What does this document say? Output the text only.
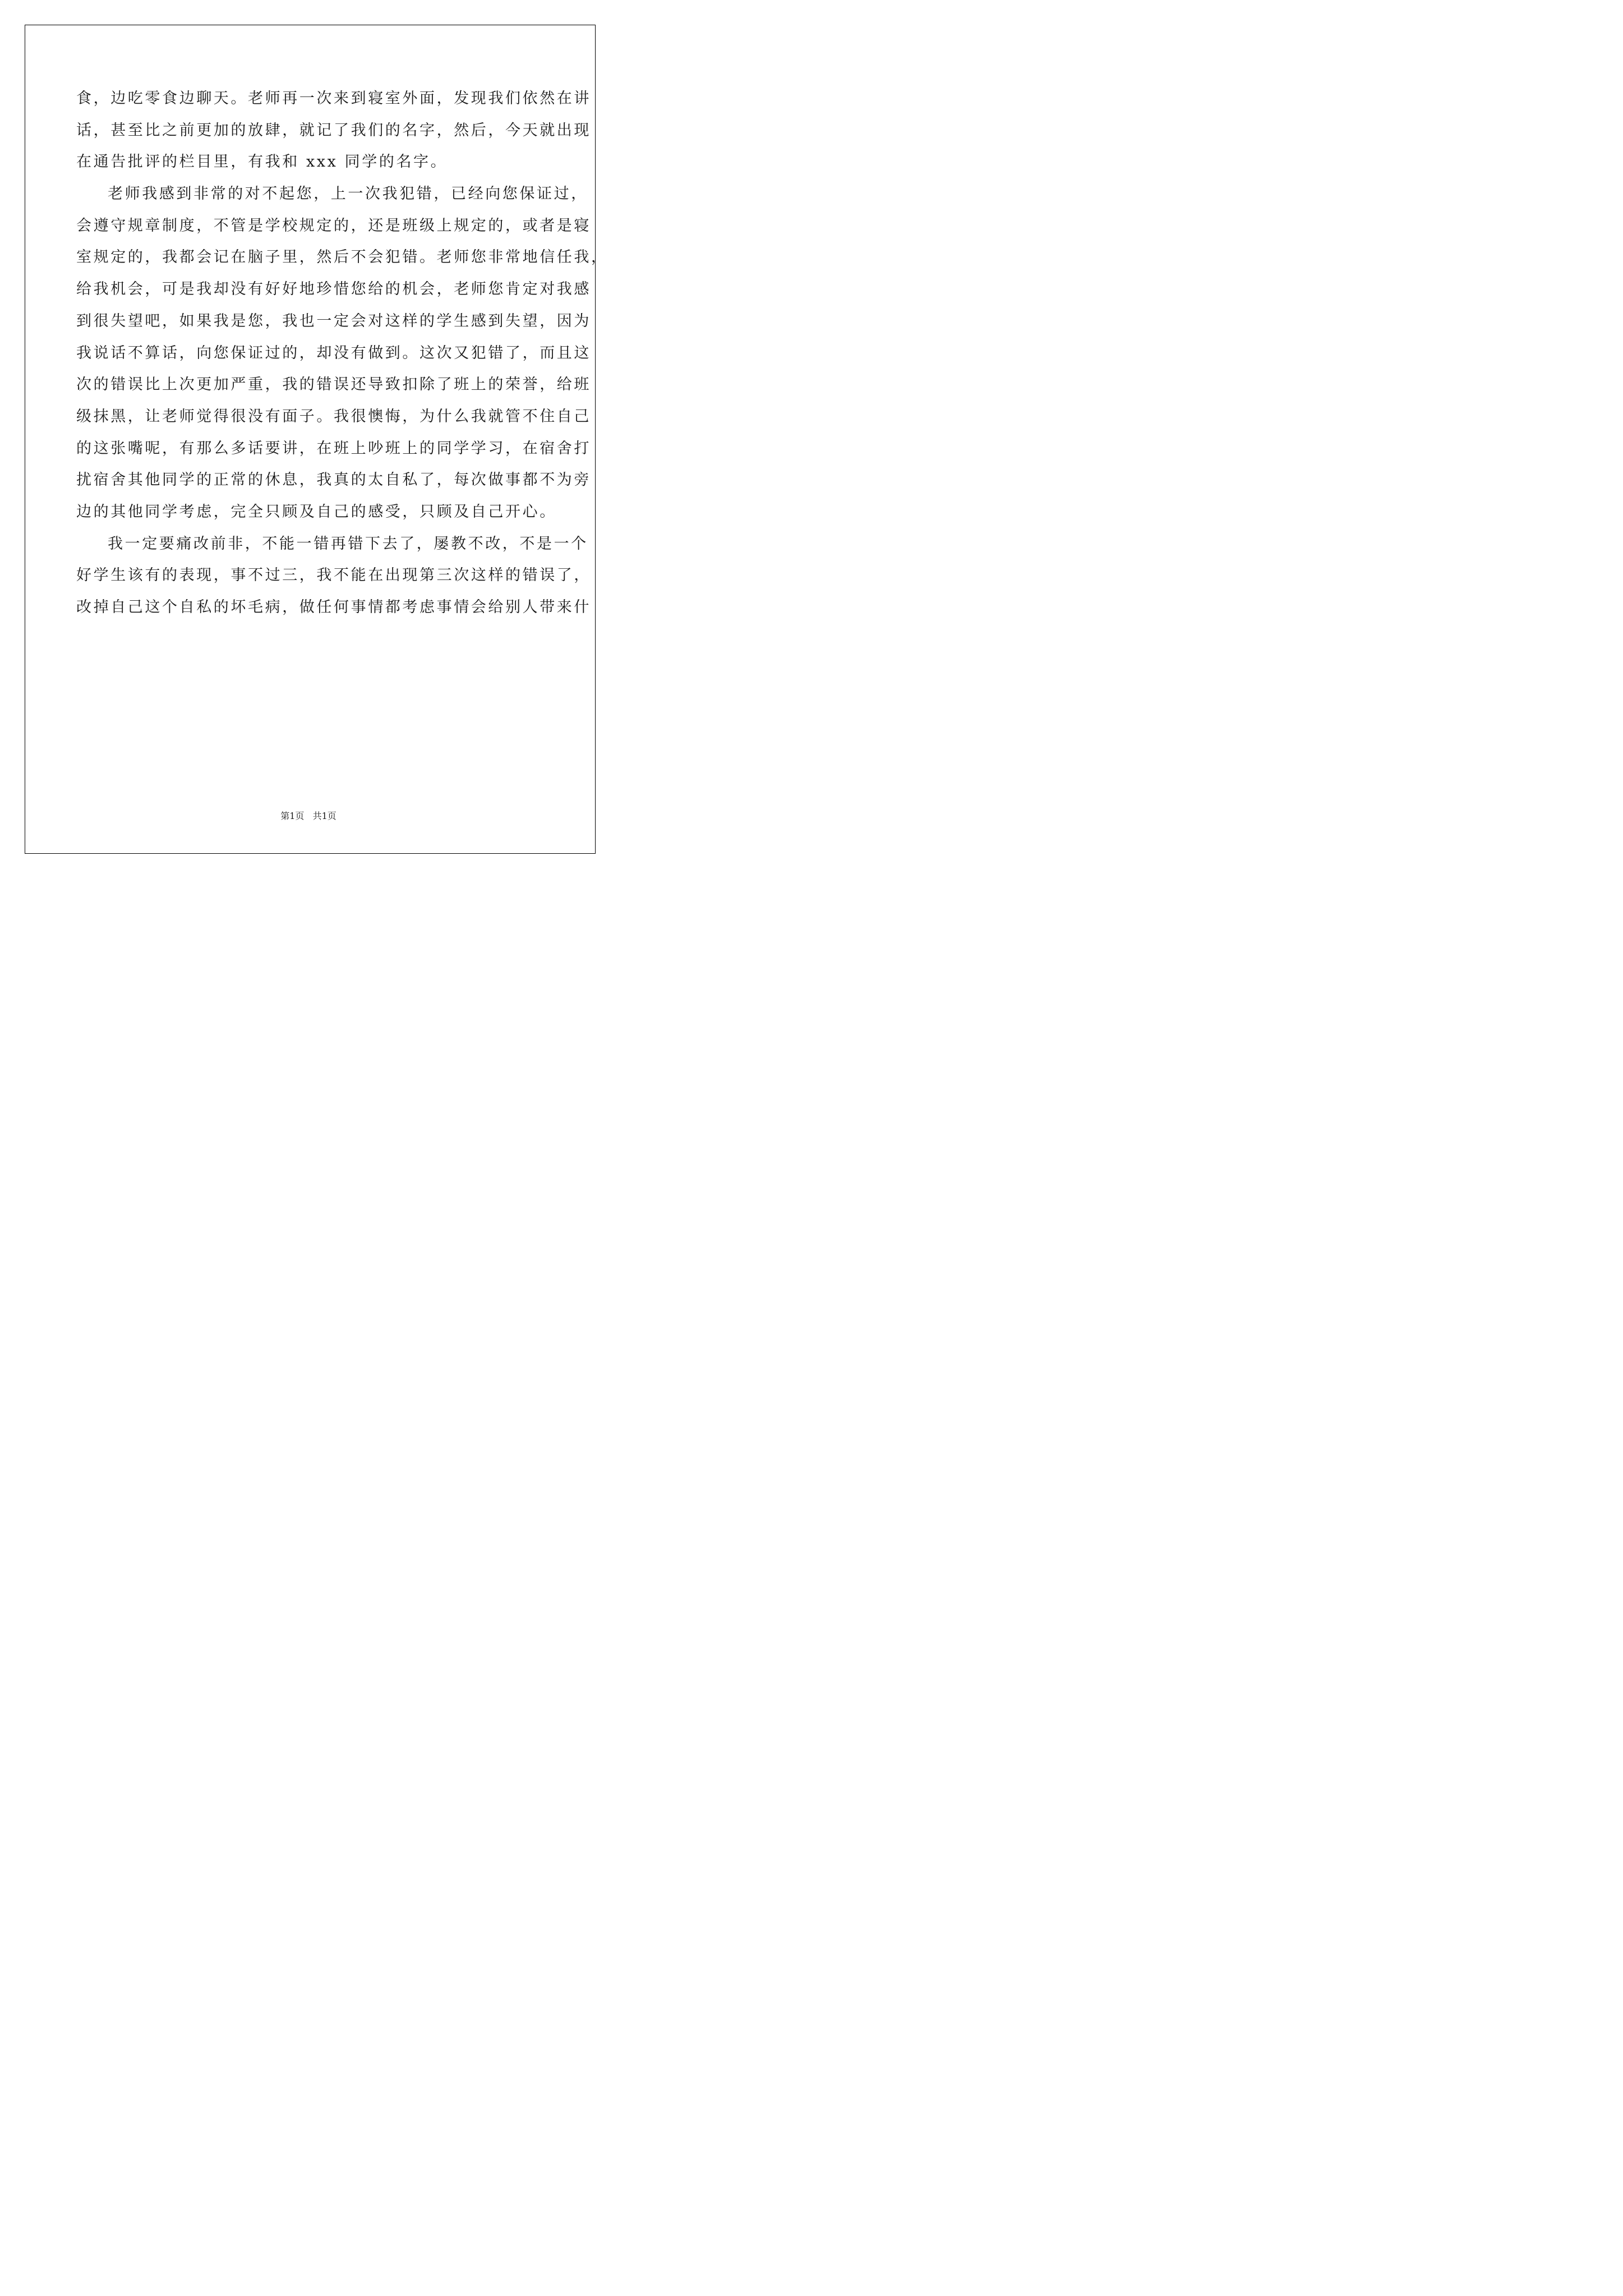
食，边吃零食边聊天。老师再一次来到寝室外面，发现我们依然在讲
话，甚至比之前更加的放肆，就记了我们的名字，然后，今天就出现
在通告批评的栏目里，有我和 xxx 同学的名字。
老师我感到非常的对不起您，上一次我犯错，已经向您保证过，
会遵守规章制度，不管是学校规定的，还是班级上规定的，或者是寝
室规定的，我都会记在脑子里，然后不会犯错。老师您非常地信任我，
给我机会，可是我却没有好好地珍惜您给的机会，老师您肯定对我感
到很失望吧，如果我是您，我也一定会对这样的学生感到失望，因为
我说话不算话，向您保证过的，却没有做到。这次又犯错了，而且这
次的错误比上次更加严重，我的错误还导致扣除了班上的荣誉，给班
级抹黑，让老师觉得很没有面子。我很懊悔，为什么我就管不住自己
的这张嘴呢，有那么多话要讲，在班上吵班上的同学学习，在宿舍打
扰宿舍其他同学的正常的休息，我真的太自私了，每次做事都不为旁
边的其他同学考虑，完全只顾及自己的感受，只顾及自己开心。
我一定要痛改前非，不能一错再错下去了，屡教不改，不是一个
好学生该有的表现，事不过三，我不能在出现第三次这样的错误了，
改掉自己这个自私的坏毛病，做任何事情都考虑事情会给别人带来什
第1页   共1页
